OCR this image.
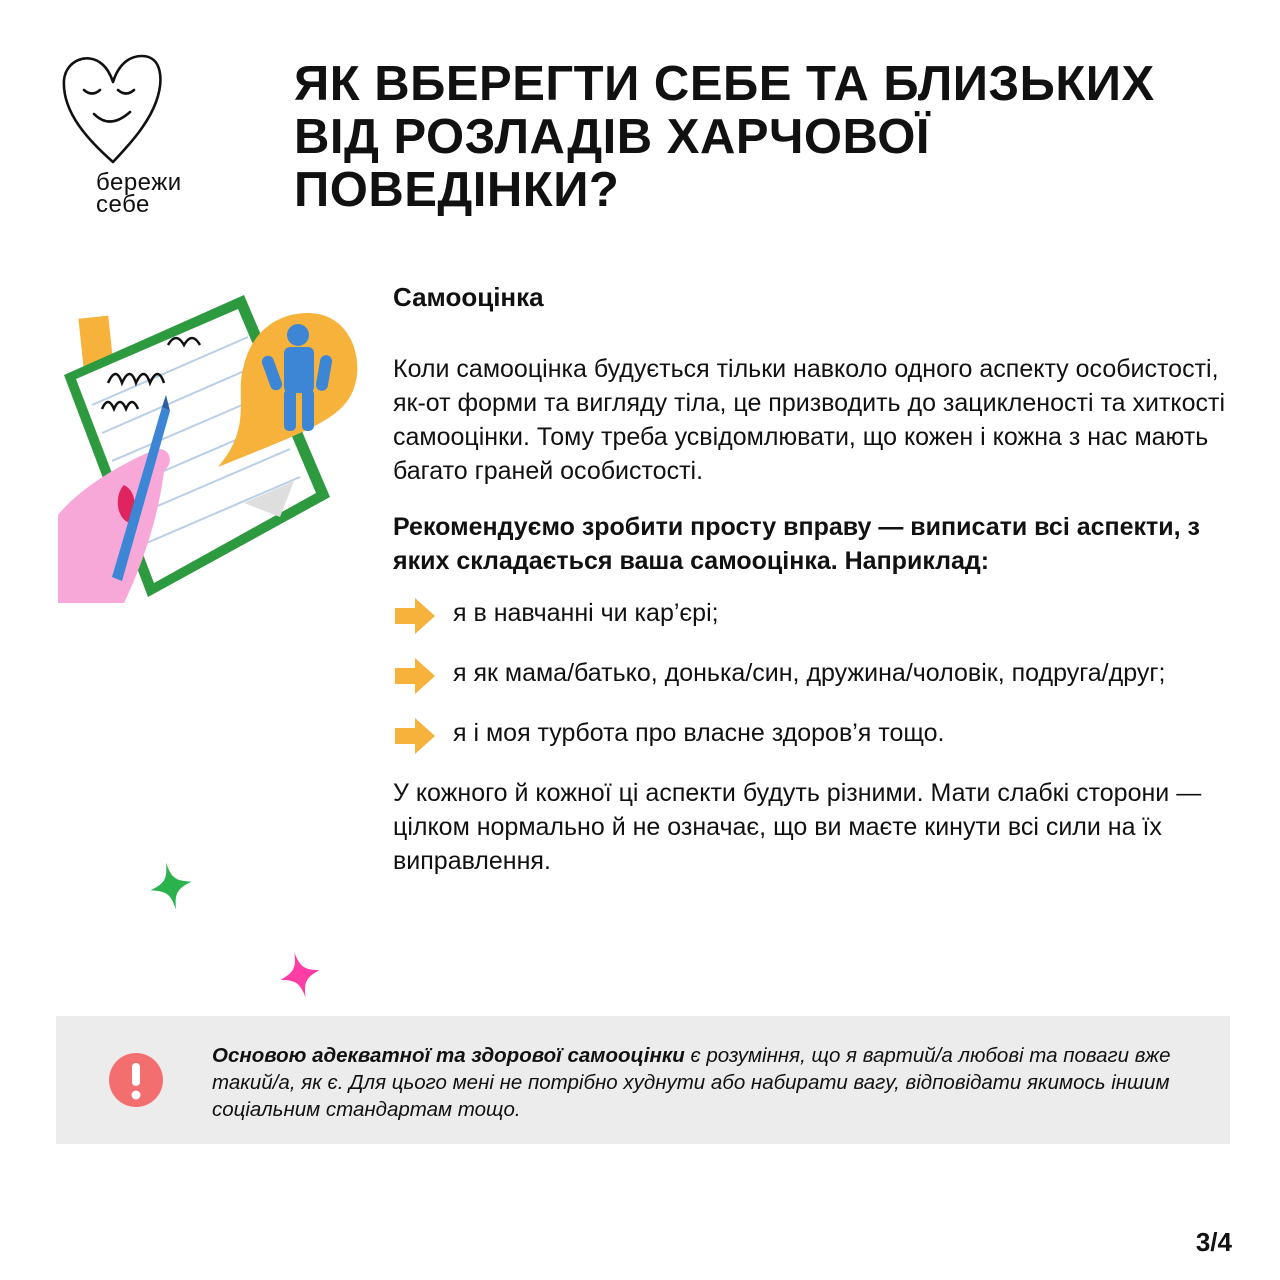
бережи
себе
ЯК ВБЕРЕГТИ СЕБЕ ТА БЛИЗЬКИХ ВІД РОЗЛАДІВ ХАРЧОВОЇ ПОВЕДІНКИ?
Самооцінка

Коли самооцінка будується тільки навколо одного аспекту особистості, як-от форми та вигляду тіла, це призводить до зацикленості та хиткості самооцінки. Тому треба усвідомлювати, що кожен і кожна з нас мають багато граней особистості.

Рекомендуємо зробити просту вправу — виписати всі аспекти, з яких складається ваша самооцінка. Наприклад:

я в навчанні чи кар’єрі;
я як мама/батько, донька/син, дружина/чоловік, подруга/друг;
я і моя турбота про власне здоров’я тощо.

У кожного й кожної ці аспекти будуть різними. Мати слабкі сторони — цілком нормально й не означає, що ви маєте кинути всі сили на їх виправлення.

Основою адекватної та здорової самооцінки є розуміння, що я вартий/а любові та поваги вже такий/а, як є. Для цього мені не потрібно худнути або набирати вагу, відповідати якимось іншим соціальним стандартам тощо.
3/4
